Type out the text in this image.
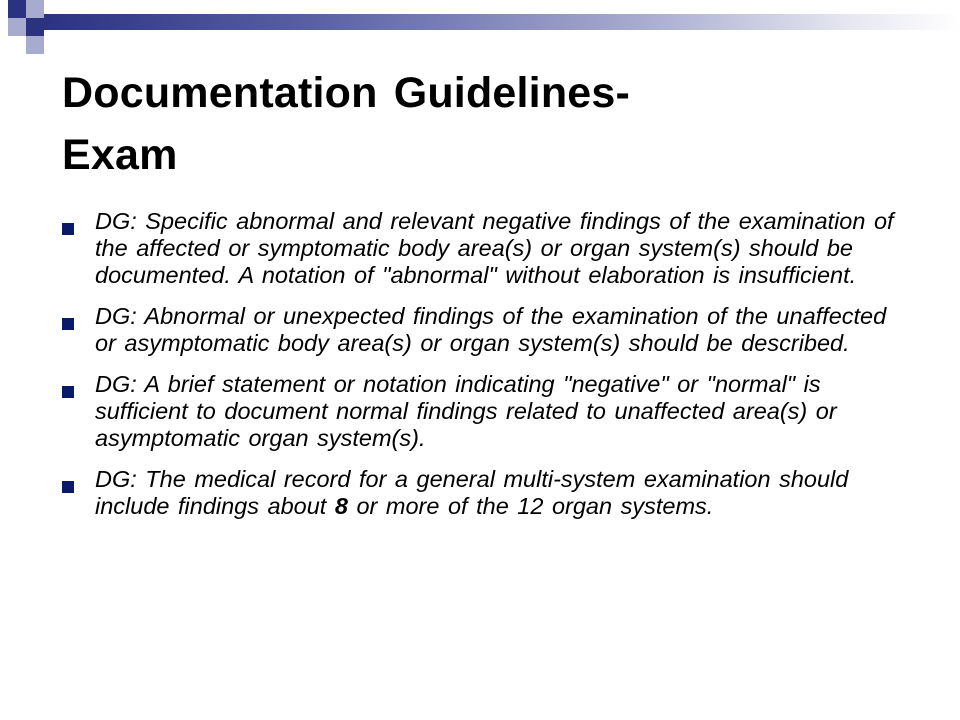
Documentation Guidelines-
Exam
DG: Specific abnormal and relevant negative findings of the examination of the affected or symptomatic body area(s) or organ system(s) should be documented. A notation of "abnormal" without elaboration is insufficient.
DG: Abnormal or unexpected findings of the examination of the unaffected or asymptomatic body area(s) or organ system(s) should be described.
DG: A brief statement or notation indicating "negative" or "normal" is sufficient to document normal findings related to unaffected area(s) or asymptomatic organ system(s).
DG: The medical record for a general multi-system examination should include findings about 8 or more of the 12 organ systems.
